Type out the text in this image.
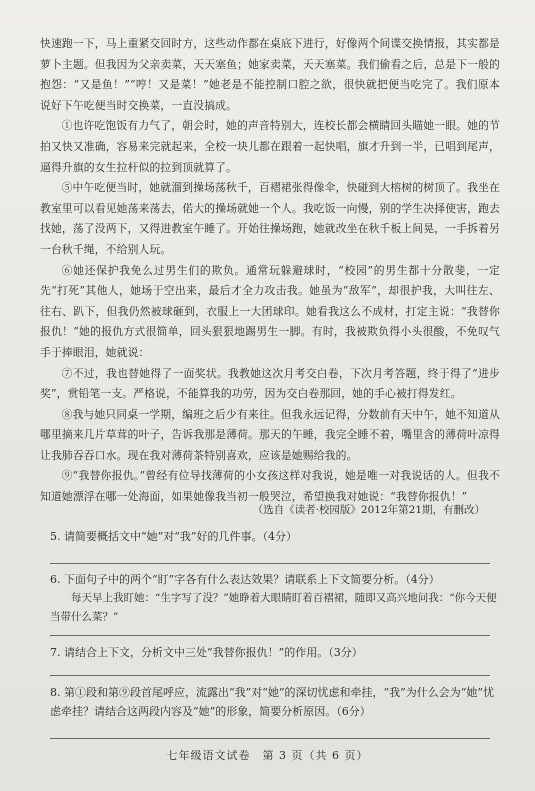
快速跑一下，马上重紧交回时方，这些动作都在桌底下进行，好像两个间谍交换情报，其实都是萝卜主题。但我因为父亲卖菜，天天塞鱼；她家卖菜，天天塞菜。我们偷看之后，总是下一般的抱怨：“又是鱼！”“哼！又是菜！”她老是不能控制口腔之欲，很快就把便当吃完了。我们原本说好下午吃便当时交换菜，一直没搞成。

①也许吃饱饭有力气了，朝会时，她的声音特别大，连校长都会横睛回头瞄她一眼。她的节拍又快又准确，容易来完就起来，全校一块儿都在跟着一起快唱，旗才升到一半，已唱到尾声，逼得升旗的女生拉杆似的拉到顶就算了。

⑤中午吃便当时，她就溜到操场荡秋千，百褶裙张得像伞，快碰到大榕树的树顶了。我坐在教室里可以看见她荡来荡去，偌大的操场就她一个人。我吃饭一向慢，别的学生决择使害，跑去找她，荡了没两下，又得进教室午睡了。开始往操场跑，她就改坐在秋千板上间晃，一手拆着另一台秋千绳，不给别人玩。

⑥她还保护我免么过男生们的欺负。通常玩躲避球时，“校园”的男生都十分散斐，一定先“打死”其他人，她场于空出来，最后才全力攻击我。她虽为“敌军”，却很护我，大叫往左、往右、趴下，但我仍然被球砸到，衣服上一大团球印。她看我这么不成材，打定主说：“我替你报仇！”她的报仇方式很简单，回头狠狠地踢男生一脚。有时，我被欺负得小头很酸，不免叹气手于捧眼泪，她就说：

⑦不过，我也替她得了一面奖状。我教她这次月考交白卷，下次月考答题，终于得了“进步奖”，赏铅笔一支。严格说，不能算我的功劳，因为交白卷那回，她的手心被打得发红。

⑧我与她只同桌一学期，编班之后少有来往。但我永远记得，分数前有天中午，她不知道从哪里摘来几片草茸的叶子，告诉我那是薄荷。那天的午睡，我完全睡不着，嘴里含的薄荷叶凉得让我肺吞吞口水。现在我对薄荷茶特别喜欢，应该是她赐给我的。

⑨“我替你报仇。”曾经有位导找薄荷的小女孩这样对我说，她是唯一对我说话的人。但我不知道她漂浮在哪一处海面，如果她像我当初一般哭泣，希望换我对她说：“我替你报仇！”

（选自《读者·校园版》2012年第21期，有删改）

5. 请简要概括文中“她”对“我”好的几件事。（4分）

6. 下面句子中的两个“盯”字各有什么表达效果？请联系上下文简要分析。（4分）

每天早上我盯她：“生字写了没？”她睁着大眼睛盯着百褶裙，随即又高兴地问我：“你今天便当带什么菜？”

7. 请结合上下文，分析文中三处“我替你报仇！”的作用。（3分）

8. 第①段和第⑨段首尾呼应，流露出“我”对“她”的深切忧虑和牵挂，“我”为什么会为“她”忧虑牵挂？请结合这两段内容及“她”的形象，简要分析原因。（6分）

七年级语文试卷　第 3 页（共 6 页）
